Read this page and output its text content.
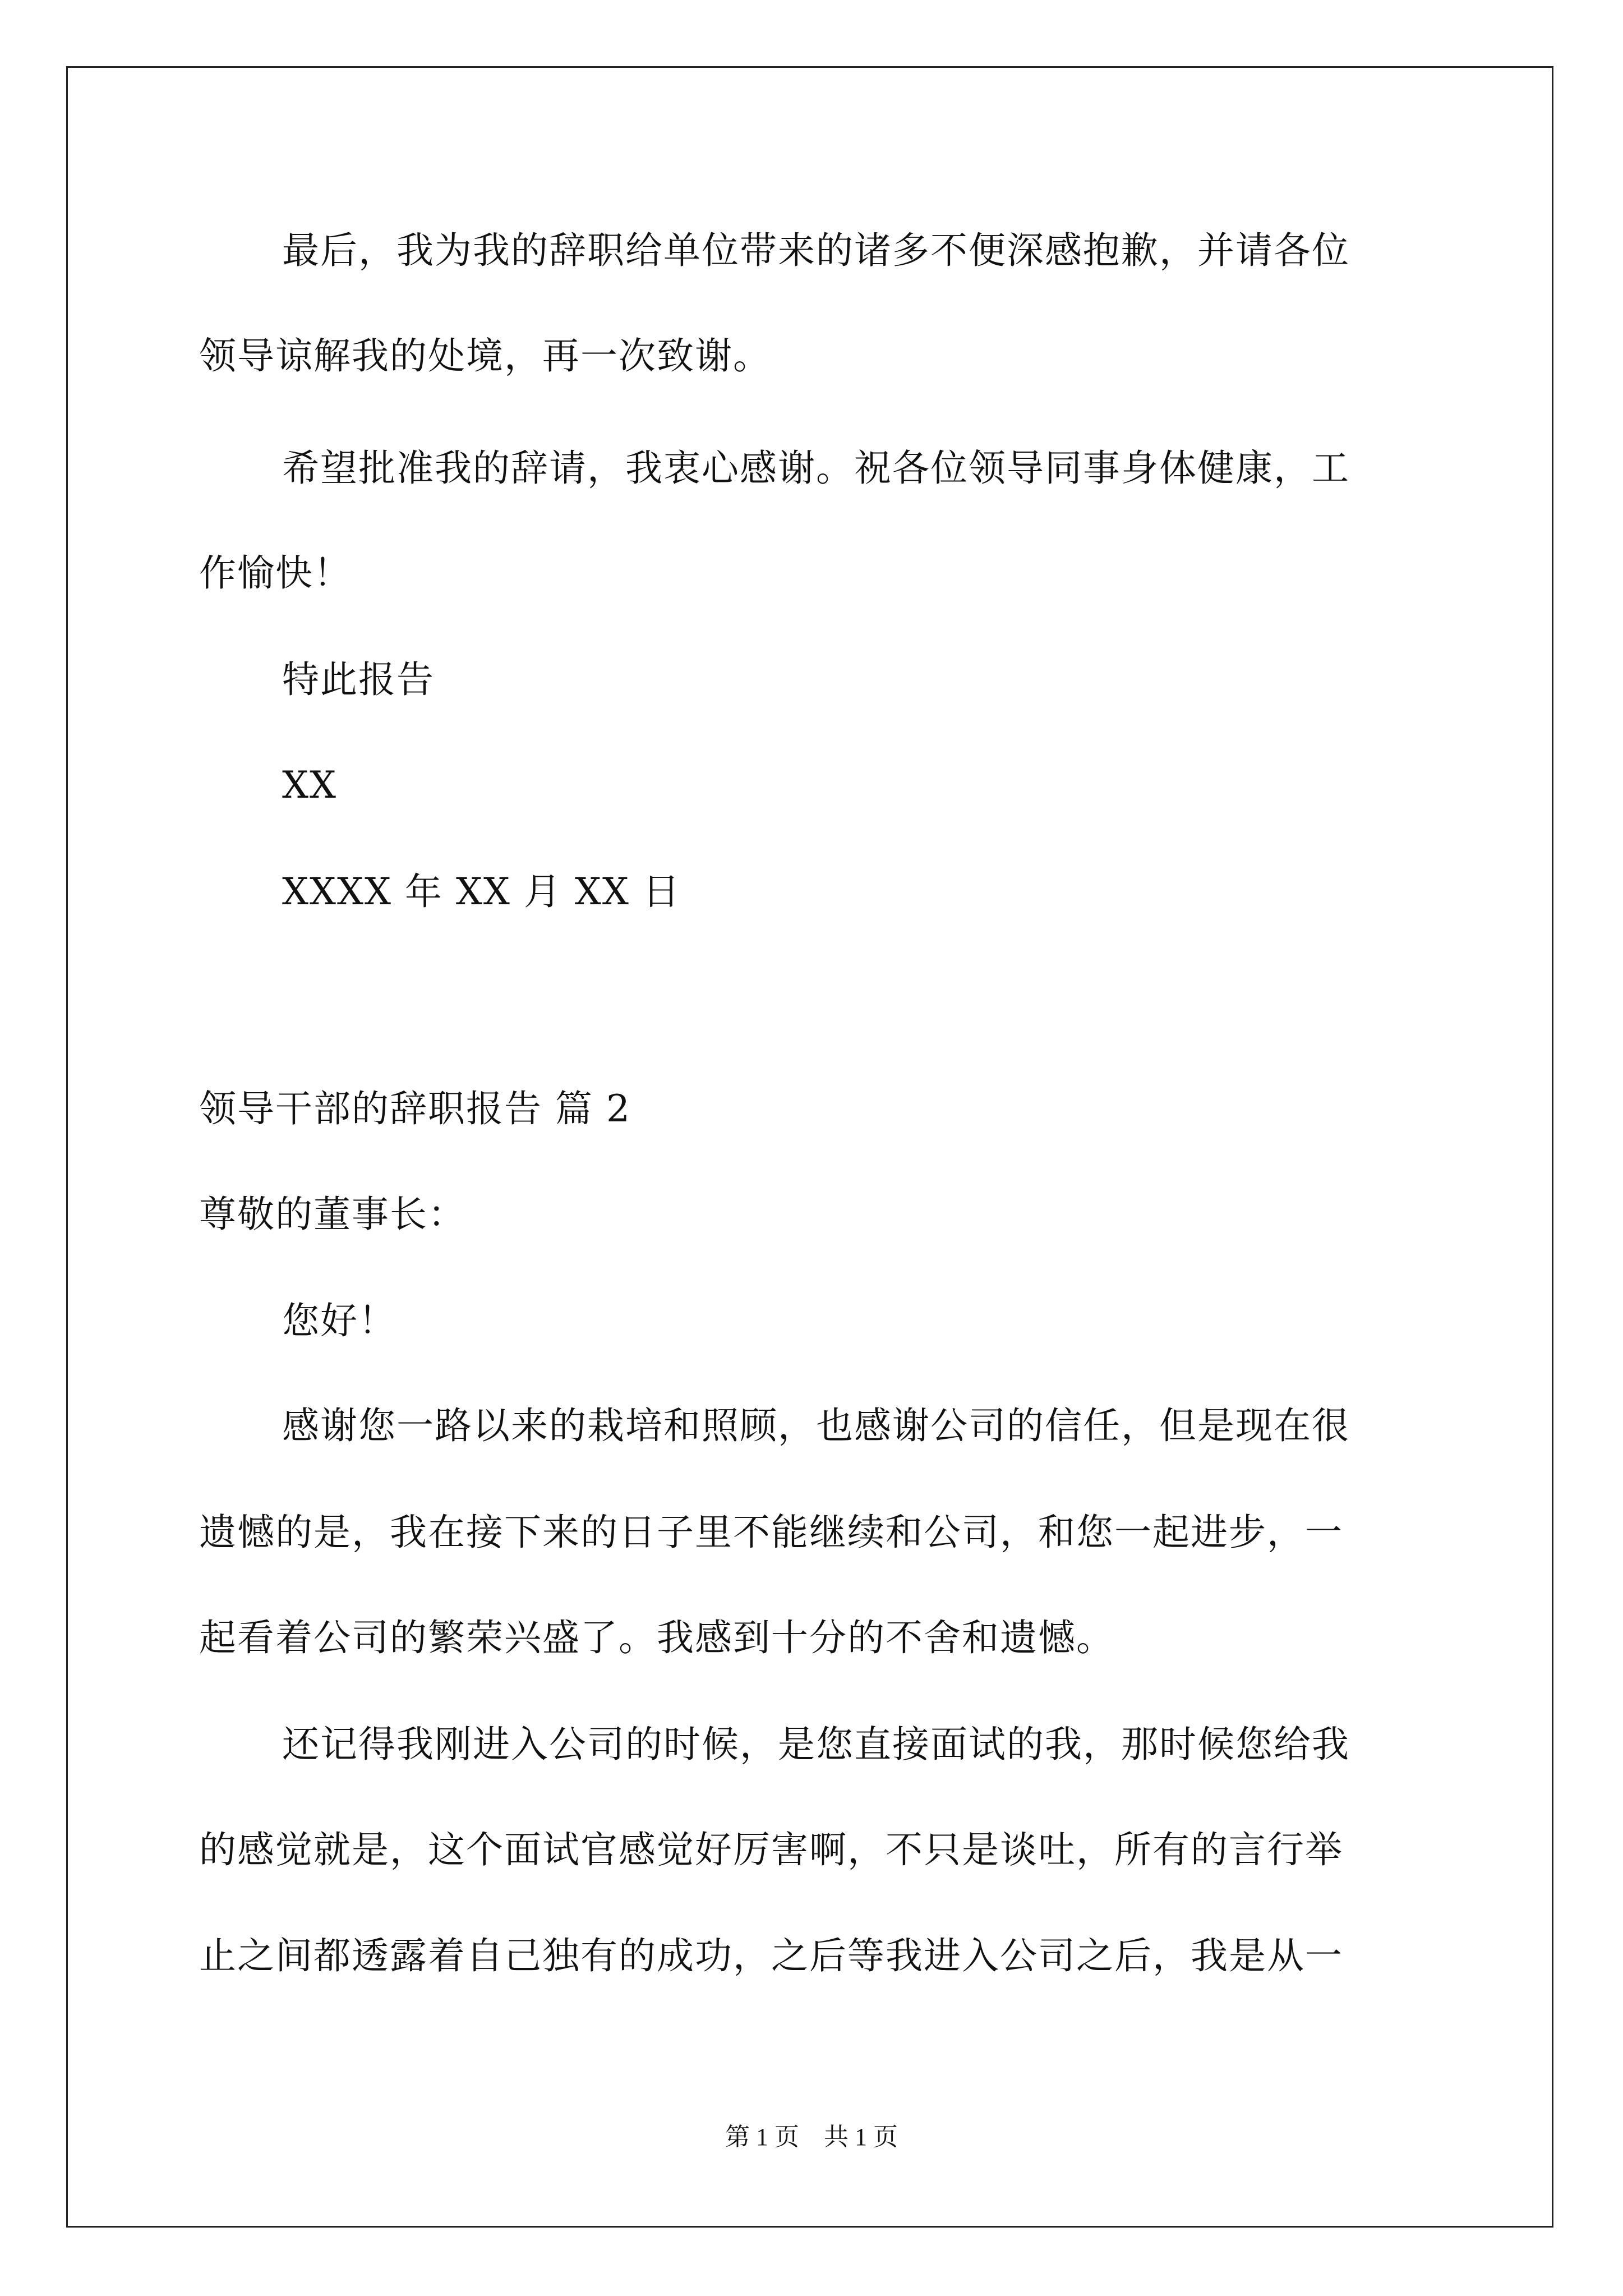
最后，我为我的辞职给单位带来的诸多不便深感抱歉，并请各位
领导谅解我的处境，再一次致谢。
希望批准我的辞请，我衷心感谢。祝各位领导同事身体健康，工
作愉快！
特此报告
XX
XXXX 年 XX 月 XX 日
领导干部的辞职报告 篇 2
尊敬的董事长：
您好！
感谢您一路以来的栽培和照顾，也感谢公司的信任，但是现在很
遗憾的是，我在接下来的日子里不能继续和公司，和您一起进步，一
起看着公司的繁荣兴盛了。我感到十分的不舍和遗憾。
还记得我刚进入公司的时候，是您直接面试的我，那时候您给我
的感觉就是，这个面试官感觉好厉害啊，不只是谈吐，所有的言行举
止之间都透露着自己独有的成功，之后等我进入公司之后，我是从一
第 1 页　共 1 页
